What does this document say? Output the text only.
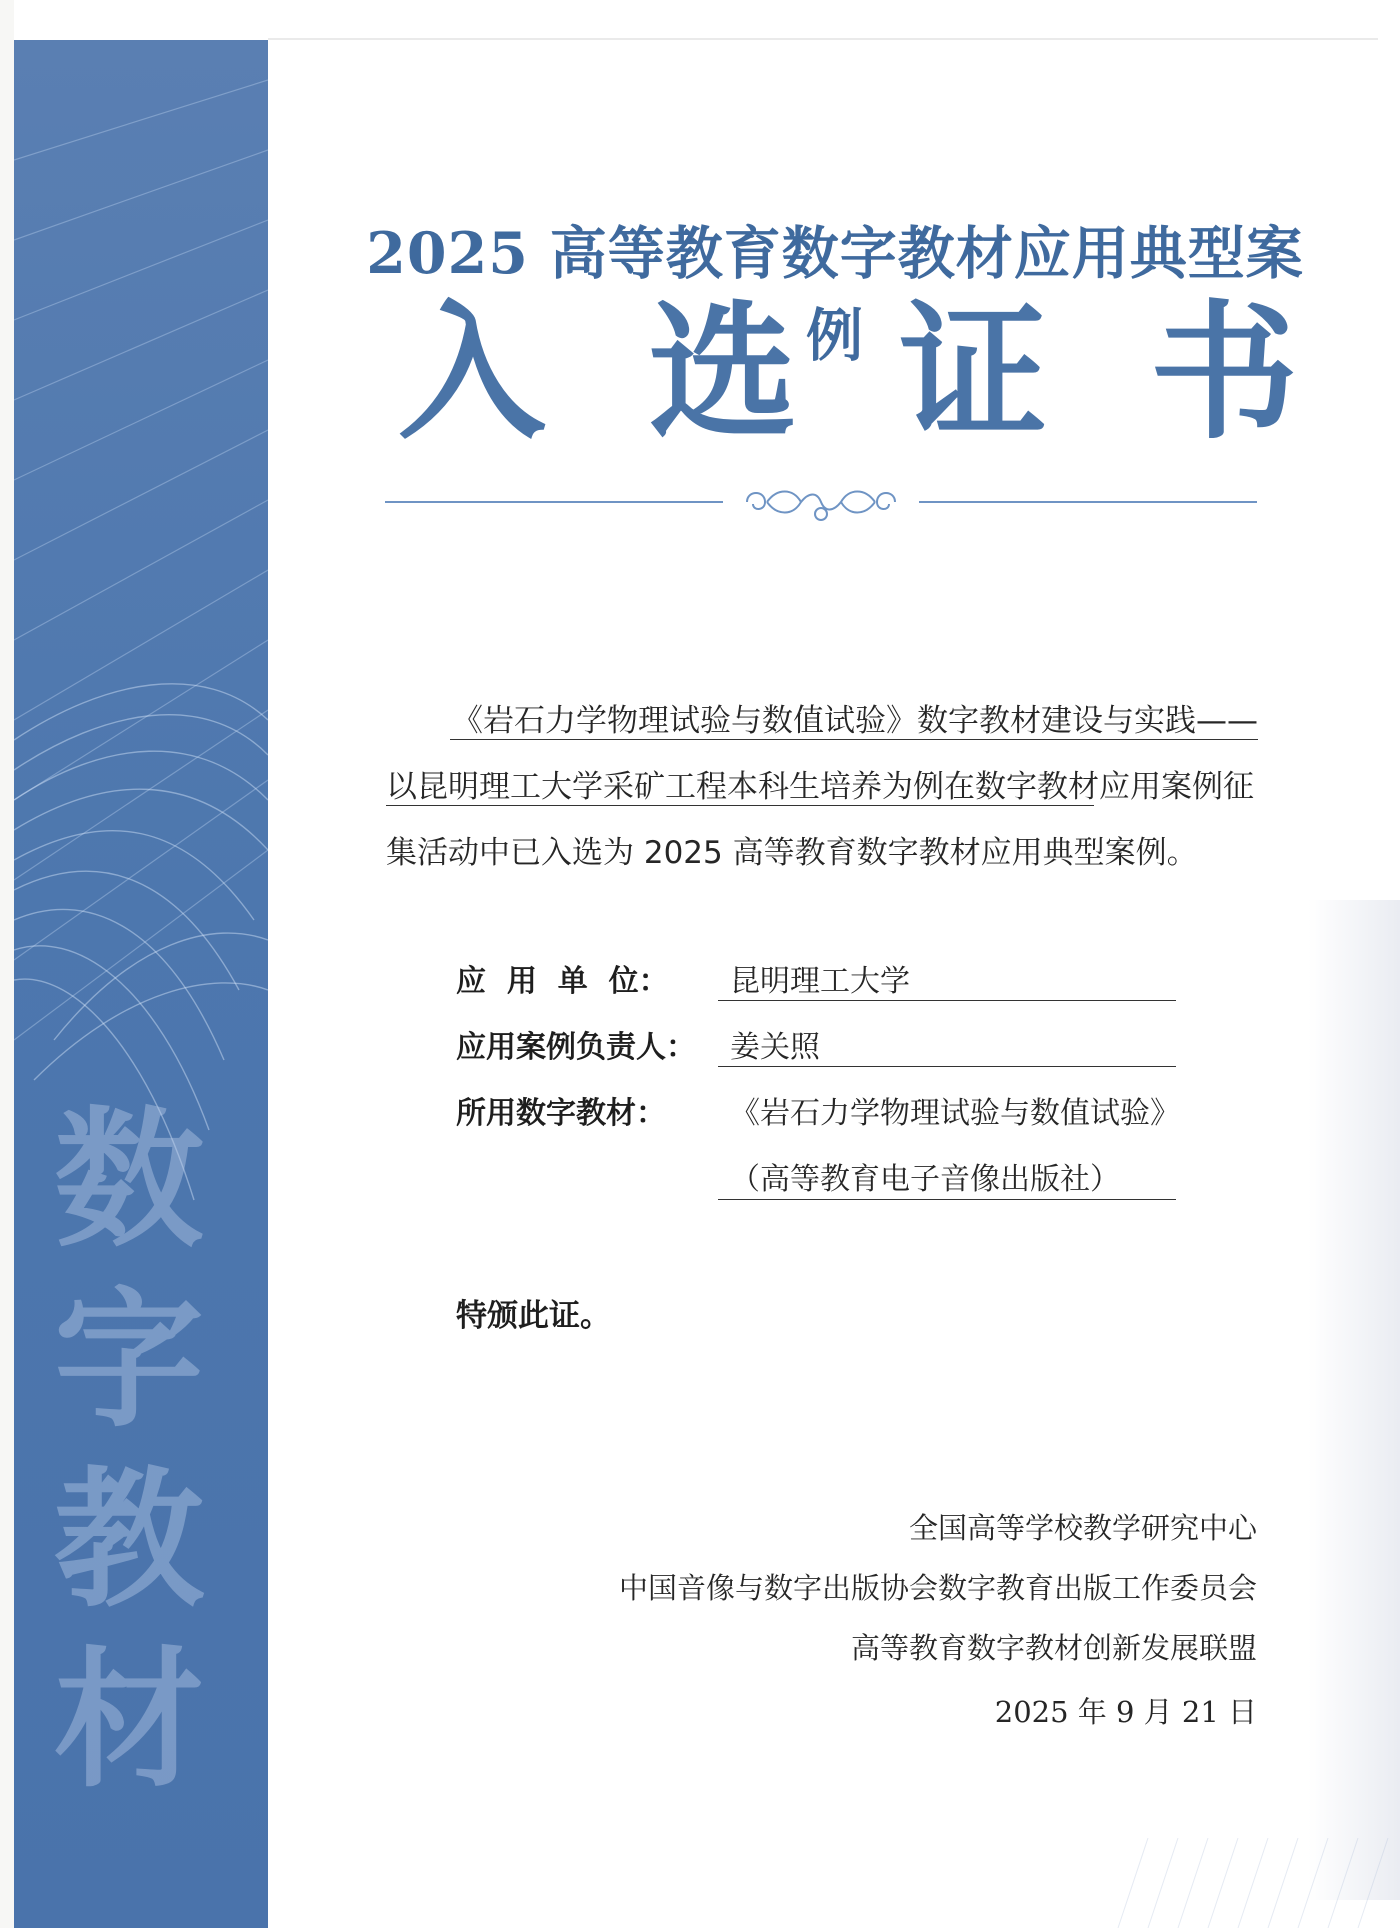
数
字
教
材
2025 高等教育数字教材应用典型案例
入 选 证 书

《岩石力学物理试验与数值试验》数字教材建设与实践——以昆明理工大学采矿工程本科生培养为例在数字教材应用案例征集活动中已入选为 2025 高等教育数字教材应用典型案例。

应  用  单  位：	昆明理工大学
应用案例负责人：	姜关照
所用数字教材：	《岩石力学物理试验与数值试验》
（高等教育电子音像出版社）

特颁此证。

全国高等学校教学研究中心
中国音像与数字出版协会数字教育出版工作委员会
高等教育数字教材创新发展联盟
2025 年 9 月 21 日
